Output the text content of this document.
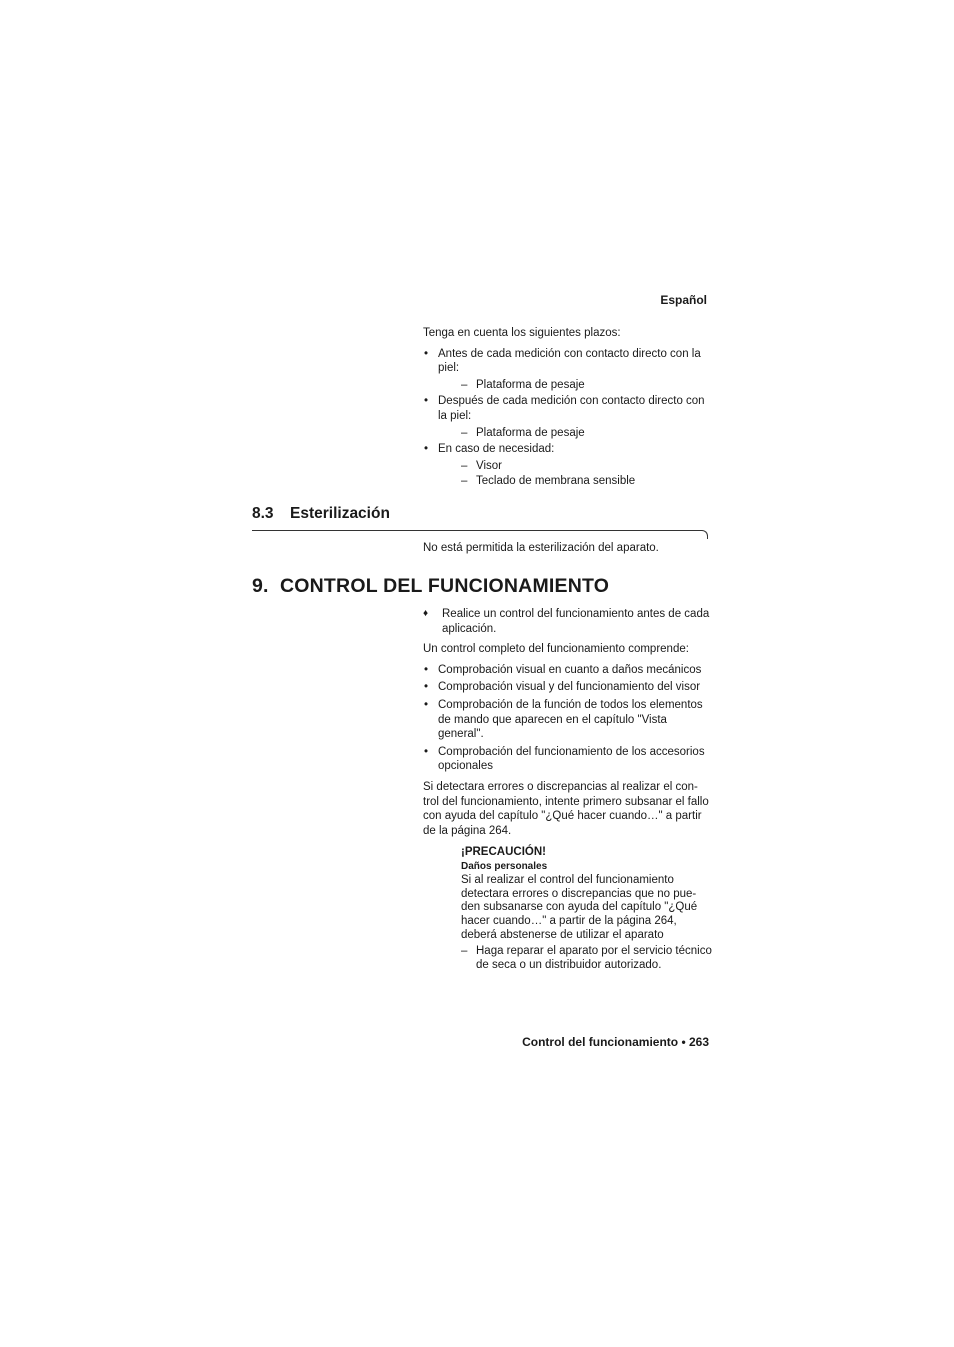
Español

Tenga en cuenta los siguientes plazos:

• Antes de cada medición con contacto directo con la piel:

– Plataforma de pesaje

• Después de cada medición con contacto directo con la piel:

– Plataforma de pesaje

• En caso de necesidad:

– Visor

– Teclado de membrana sensible

8.3 Esterilización
No está permitida la esterilización del aparato.
9. CONTROL DEL FUNCIONAMIENTO

♦ Realice un control del funcionamiento antes de cada aplicación.

Un control completo del funcionamiento comprende:

• Comprobación visual en cuanto a daños mecánicos

• Comprobación visual y del funcionamiento del visor

• Comprobación de la función de todos los elementos de mando que aparecen en el capítulo "Vista general".

• Comprobación del funcionamiento de los accesorios opcionales

Si detectara errores o discrepancias al realizar el con-trol del funcionamiento, intente primero subsanar el fallo con ayuda del capítulo "¿Qué hacer cuando…" a partir de la página 264.

¡PRECAUCIÓN!
Daños personales
Si al realizar el control del funcionamiento detectara errores o discrepancias que no pue-den subsanarse con ayuda del capítulo "¿Qué hacer cuando…" a partir de la página 264, deberá abstenerse de utilizar el aparato
– Haga reparar el aparato por el servicio técnico de seca o un distribuidor autorizado.
Control del funcionamiento • 263
